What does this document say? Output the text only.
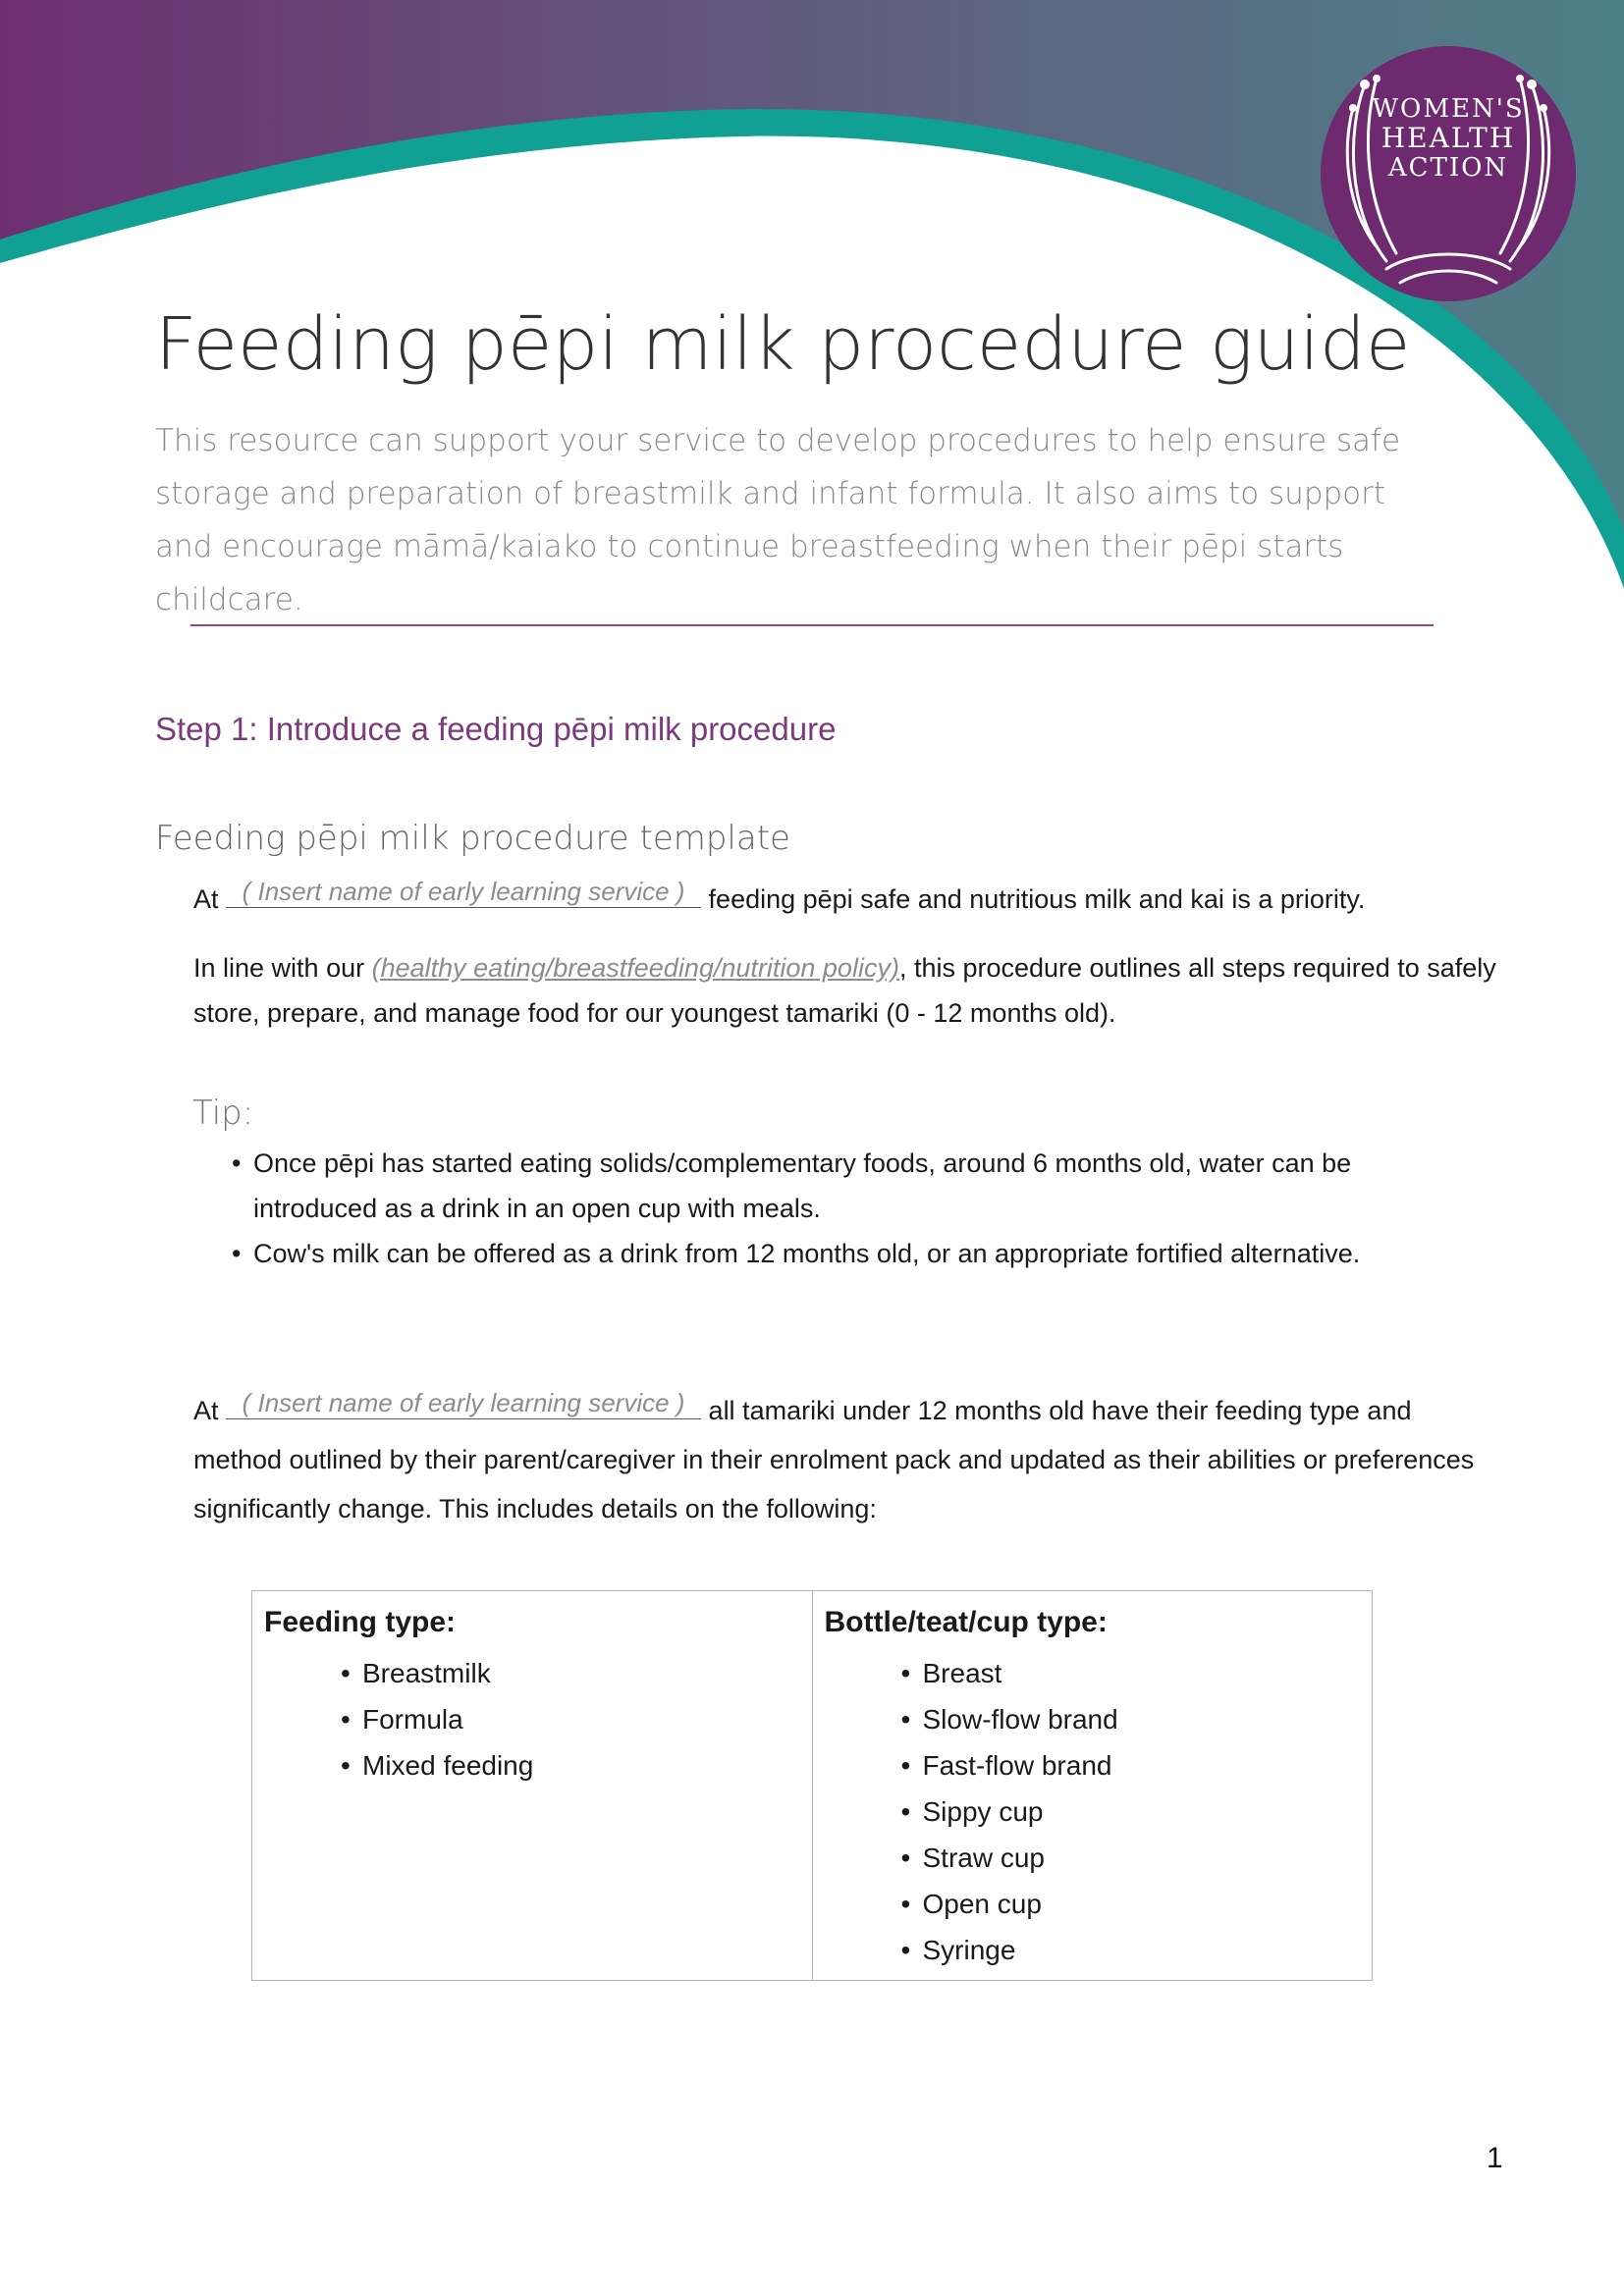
WOMEN'S
HEALTH
ACTION
Feeding pēpi milk procedure guide

This resource can support your service to develop procedures to help ensure safe storage and preparation of breastmilk and infant formula. It also aims to support and encourage māmā/kaiako to continue breastfeeding when their pēpi starts childcare.

Step 1: Introduce a feeding pēpi milk procedure
Feeding pēpi milk procedure template

At ( Insert name of early learning service ) feeding pēpi safe and nutritious milk and kai is a priority.

In line with our (healthy eating/breastfeeding/nutrition policy), this procedure outlines all steps required to safely store, prepare, and manage food for our youngest tamariki (0 - 12 months old).

Tip:
• Once pēpi has started eating solids/complementary foods, around 6 months old, water can be introduced as a drink in an open cup with meals.
• Cow's milk can be offered as a drink from 12 months old, or an appropriate fortified alternative.

At ( Insert name of early learning service ) all tamariki under 12 months old have their feeding type and method outlined by their parent/caregiver in their enrolment pack and updated as their abilities or preferences significantly change. This includes details on the following:

Feeding type:
• Breastmilk
• Formula
• Mixed feeding
Bottle/teat/cup type:
• Breast
• Slow-flow brand
• Fast-flow brand
• Sippy cup
• Straw cup
• Open cup
• Syringe
1
